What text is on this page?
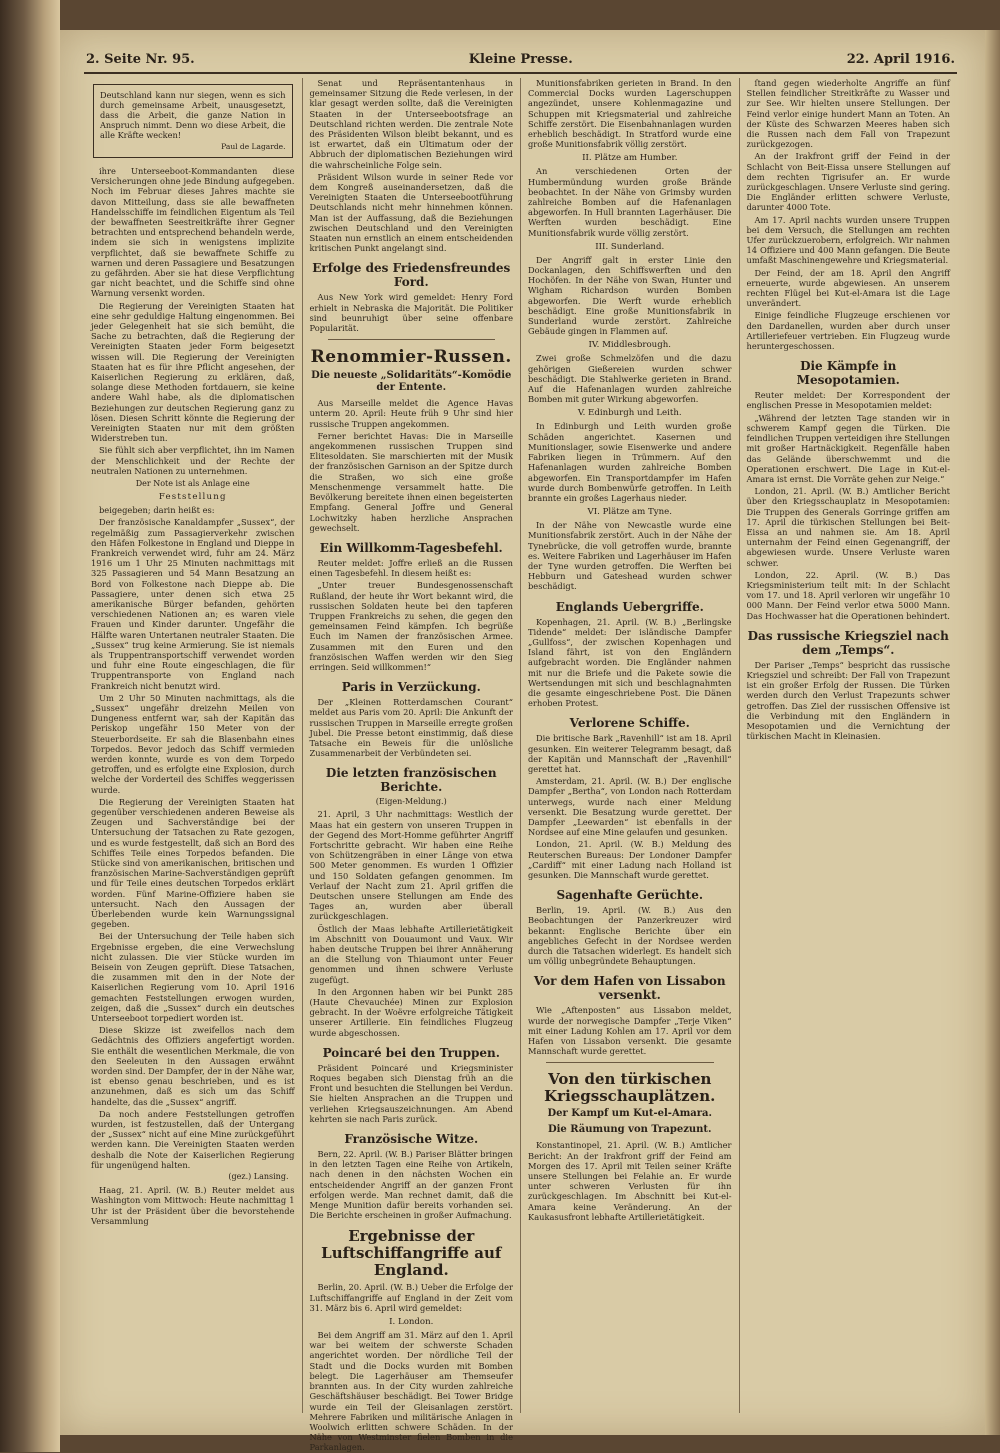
2. Seite Nr. 95.	Kleine Presse.	22. April 1916.
Deutschland kann nur siegen, wenn es sich durch gemeinsame Arbeit, unausgesetzt, dass die Arbeit, die ganze Nation in Anspruch nimmt. Denn wo diese Arbeit, die alle Kräfte wecken!
Paul de Lagarde.

ihre Unterseeboot-Kommandanten diese Versicherungen ohne jede Bindung aufgegeben. Noch im Februar dieses Jahres machte sie davon Mitteilung, dass sie alle bewaffneten Handelsschiffe im feindlichen Eigentum als Teil der bewaffneten Seestreitkräfte ihrer Gegner betrachten und entsprechend behandeln werde, indem sie sich in wenigstens implizite verpflichtet, daß sie bewaffnete Schiffe zu warnen und deren Passagiere und Besatzungen zu gefährden. Aber sie hat diese Verpflichtung gar nicht beachtet, und die Schiffe sind ohne Warnung versenkt worden.

Die Regierung der Vereinigten Staaten hat eine sehr geduldige Haltung eingenommen. Bei jeder Gelegenheit hat sie sich bemüht, die Sache zu betrachten, daß die Regierung der Vereinigten Staaten jeder Form beigesetzt wissen will. Die Regierung der Vereinigten Staaten hat es für ihre Pflicht angesehen, der Kaiserlichen Regierung zu erklären, daß, solange diese Methoden fortdauern, sie keine andere Wahl habe, als die diplomatischen Beziehungen zur deutschen Regierung ganz zu lösen. Diesen Schritt könnte die Regierung der Vereinigten Staaten nur mit dem größten Widerstreben tun.

Sie fühlt sich aber verpflichtet, ihn im Namen der Menschlichkeit und der Rechte der neutralen Nationen zu unternehmen.

Der Note ist als Anlage eine
Feststellung

beigegeben; darin heißt es:

Der französische Kanaldampfer „Sussex“, der regelmäßig zum Passagierverkehr zwischen den Häfen Folkestone in England und Dieppe in Frankreich verwendet wird, fuhr am 24. März 1916 um 1 Uhr 25 Minuten nachmittags mit 325 Passagieren und 54 Mann Besatzung an Bord von Folkestone nach Dieppe ab. Die Passagiere, unter denen sich etwa 25 amerikanische Bürger befanden, gehörten verschiedenen Nationen an; es waren viele Frauen und Kinder darunter. Ungefähr die Hälfte waren Untertanen neutraler Staaten. Die „Sussex“ trug keine Armierung. Sie ist niemals als Truppentransportschiff verwendet worden und fuhr eine Route eingeschlagen, die für Truppentransporte von England nach Frankreich nicht benutzt wird.

Um 2 Uhr 50 Minuten nachmittags, als die „Sussex“ ungefähr dreizehn Meilen von Dungeness entfernt war, sah der Kapitän das Periskop ungefähr 150 Meter von der Steuerbordseite. Er sah die Blasenbahn eines Torpedos. Bevor jedoch das Schiff vermieden werden konnte, wurde es von dem Torpedo getroffen, und es erfolgte eine Explosion, durch welche der Vorderteil des Schiffes weggerissen wurde.

Die Regierung der Vereinigten Staaten hat gegenüber verschiedenen anderen Beweise als Zeugen und Sachverständige bei der Untersuchung der Tatsachen zu Rate gezogen, und es wurde festgestellt, daß sich an Bord des Schiffes Teile eines Torpedos befanden. Die Stücke sind von amerikanischen, britischen und französischen Marine-Sachverständigen geprüft und für Teile eines deutschen Torpedos erklärt worden. Fünf Marine-Offiziere haben sie untersucht. Nach den Aussagen der Überlebenden wurde kein Warnungssignal gegeben.

Bei der Untersuchung der Teile haben sich Ergebnisse ergeben, die eine Verwechslung nicht zulassen. Die vier Stücke wurden im Beisein von Zeugen geprüft. Diese Tatsachen, die zusammen mit den in der Note der Kaiserlichen Regierung vom 10. April 1916 gemachten Feststellungen erwogen wurden, zeigen, daß die „Sussex“ durch ein deutsches Unterseeboot torpediert worden ist.

Diese Skizze ist zweifellos nach dem Gedächtnis des Offiziers angefertigt worden. Sie enthält die wesentlichen Merkmale, die von den Seeleuten in den Aussagen erwähnt worden sind. Der Dampfer, der in der Nähe war, ist ebenso genau beschrieben, und es ist anzunehmen, daß es sich um das Schiff handelte, das die „Sussex“ angriff.

Da noch andere Feststellungen getroffen wurden, ist festzustellen, daß der Untergang der „Sussex“ nicht auf eine Mine zurückgeführt werden kann. Die Vereinigten Staaten werden deshalb die Note der Kaiserlichen Regierung für ungenügend halten.

(gez.) Lansing.

Haag, 21. April. (W. B.) Reuter meldet aus Washington vom Mittwoch: Heute nachmittag 1 Uhr ist der Präsident über die bevorstehende Versammlung

Senat und Repräsentantenhaus in gemeinsamer Sitzung die Rede verlesen, in der klar gesagt werden sollte, daß die Vereinigten Staaten in der Unterseebootsfrage an Deutschland richten werden. Die zentrale Note des Präsidenten Wilson bleibt bekannt, und es ist erwartet, daß ein Ultimatum oder der Abbruch der diplomatischen Beziehungen wird die wahrscheinliche Folge sein.

Präsident Wilson wurde in seiner Rede vor dem Kongreß auseinandersetzen, daß die Vereinigten Staaten die Unterseebootführung Deutschlands nicht mehr hinnehmen können. Man ist der Auffassung, daß die Beziehungen zwischen Deutschland und den Vereinigten Staaten nun ernstlich an einem entscheidenden kritischen Punkt angelangt sind.

Erfolge des Friedensfreundes Ford.

Aus New York wird gemeldet: Henry Ford erhielt in Nebraska die Majorität. Die Politiker sind beunruhigt über seine offenbare Popularität.

Renommier-Russen.
Die neueste „Solidaritäts“-Komödie der Entente.

Aus Marseille meldet die Agence Havas unterm 20. April: Heute früh 9 Uhr sind hier russische Truppen angekommen.

Ferner berichtet Havas: Die in Marseille angekommenen russischen Truppen sind Elitesoldaten. Sie marschierten mit der Musik der französischen Garnison an der Spitze durch die Straßen, wo sich eine große Menschenmenge versammelt hatte. Die Bevölkerung bereitete ihnen einen begeisterten Empfang. General Joffre und General Lochwitzky haben herzliche Ansprachen gewechselt.

Ein Willkomm-Tagesbefehl.

Reuter meldet: Joffre erließ an die Russen einen Tagesbefehl. In diesem heißt es:

„Unter treuer Bundesgenossenschaft Rußland, der heute ihr Wort bekannt wird, die russischen Soldaten heute bei den tapferen Truppen Frankreichs zu sehen, die gegen den gemeinsamen Feind kämpfen. Ich begrüße Euch im Namen der französischen Armee. Zusammen mit den Euren und den französischen Waffen werden wir den Sieg erringen. Seid willkommen!“

Paris in Verzückung.

Der „Kleinen Rotterdamschen Courant“ meldet aus Paris vom 20. April: Die Ankunft der russischen Truppen in Marseille erregte großen Jubel. Die Presse betont einstimmig, daß diese Tatsache ein Beweis für die unlösliche Zusammenarbeit der Verbündeten sei.

Die letzten französischen Berichte.
(Eigen-Meldung.)

21. April, 3 Uhr nachmittags: Westlich der Maas hat ein gestern von unseren Truppen in der Gegend des Mort-Homme geführter Angriff Fortschritte gebracht. Wir haben eine Reihe von Schützengräben in einer Länge von etwa 500 Meter genommen. Es wurden 1 Offizier und 150 Soldaten gefangen genommen. Im Verlauf der Nacht zum 21. April griffen die Deutschen unsere Stellungen am Ende des Tages an, wurden aber überall zurückgeschlagen.

Östlich der Maas lebhafte Artillerietätigkeit im Abschnitt von Douaumont und Vaux. Wir haben deutsche Truppen bei ihrer Annäherung an die Stellung von Thiaumont unter Feuer genommen und ihnen schwere Verluste zugefügt.

In den Argonnen haben wir bei Punkt 285 (Haute Chevauchée) Minen zur Explosion gebracht. In der Woëvre erfolgreiche Tätigkeit unserer Artillerie. Ein feindliches Flugzeug wurde abgeschossen.

Poincaré bei den Truppen.

Präsident Poincaré und Kriegsminister Roques begaben sich Dienstag früh an die Front und besuchten die Stellungen bei Verdun. Sie hielten Ansprachen an die Truppen und verliehen Kriegsauszeichnungen. Am Abend kehrten sie nach Paris zurück.

Französische Witze.

Bern, 22. April. (W. B.) Pariser Blätter bringen in den letzten Tagen eine Reihe von Artikeln, nach denen in den nächsten Wochen ein entscheidender Angriff an der ganzen Front erfolgen werde. Man rechnet damit, daß die Menge Munition dafür bereits vorhanden sei. Die Berichte erscheinen in großer Aufmachung.

Ergebnisse der Luftschiffangriffe auf England.

Berlin, 20. April. (W. B.) Ueber die Erfolge der Luftschiffangriffe auf England in der Zeit vom 31. März bis 6. April wird gemeldet:

I. London.

Bei dem Angriff am 31. März auf den 1. April war bei weitem der schwerste Schaden angerichtet worden. Der nördliche Teil der Stadt und die Docks wurden mit Bomben belegt. Die Lagerhäuser am Themseufer brannten aus. In der City wurden zahlreiche Geschäftshäuser beschädigt. Bei Tower Bridge wurde ein Teil der Gleisanlagen zerstört. Mehrere Fabriken und militärische Anlagen in Woolwich erlitten schwere Schäden. In der Nähe von Westminster fielen Bomben in die Parkanlagen.

Munitionsfabriken gerieten in Brand. In den Commercial Docks wurden Lagerschuppen angezündet, unsere Kohlenmagazine und Schuppen mit Kriegsmaterial und zahlreiche Schiffe zerstört. Die Eisenbahnanlagen wurden erheblich beschädigt. In Stratford wurde eine große Munitionsfabrik völlig zerstört.

II. Plätze am Humber.

An verschiedenen Orten der Humbermündung wurden große Brände beobachtet. In der Nähe von Grimsby wurden zahlreiche Bomben auf die Hafenanlagen abgeworfen. In Hull brannten Lagerhäuser. Die Werften wurden beschädigt. Eine Munitionsfabrik wurde völlig zerstört.

III. Sunderland.

Der Angriff galt in erster Linie den Dockanlagen, den Schiffswerften und den Hochöfen. In der Nähe von Swan, Hunter und Wigham Richardson wurden Bomben abgeworfen. Die Werft wurde erheblich beschädigt. Eine große Munitionsfabrik in Sunderland wurde zerstört. Zahlreiche Gebäude gingen in Flammen auf.

IV. Middlesbrough.

Zwei große Schmelzöfen und die dazu gehörigen Gießereien wurden schwer beschädigt. Die Stahlwerke gerieten in Brand. Auf die Hafenanlagen wurden zahlreiche Bomben mit guter Wirkung abgeworfen.

V. Edinburgh und Leith.

In Edinburgh und Leith wurden große Schäden angerichtet. Kasernen und Munitionslager, sowie Eisenwerke und andere Fabriken liegen in Trümmern. Auf den Hafenanlagen wurden zahlreiche Bomben abgeworfen. Ein Transportdampfer im Hafen wurde durch Bombenwürfe getroffen. In Leith brannte ein großes Lagerhaus nieder.

VI. Plätze am Tyne.

In der Nähe von Newcastle wurde eine Munitionsfabrik zerstört. Auch in der Nähe der Tynebrücke, die voll getroffen wurde, brannte es. Weitere Fabriken und Lagerhäuser im Hafen der Tyne wurden getroffen. Die Werften bei Hebburn und Gateshead wurden schwer beschädigt.

Englands Uebergriffe.

Kopenhagen, 21. April. (W. B.) „Berlingske Tidende“ meldet: Der isländische Dampfer „Gullfoss“, der zwischen Kopenhagen und Island fährt, ist von den Engländern aufgebracht worden. Die Engländer nahmen mit nur die Briefe und die Pakete sowie die Wertsendungen mit sich und beschlagnahmten die gesamte eingeschriebene Post. Die Dänen erhoben Protest.

Verlorene Schiffe.

Die britische Bark „Ravenhill“ ist am 18. April gesunken. Ein weiterer Telegramm besagt, daß der Kapitän und Mannschaft der „Ravenhill“ gerettet hat.

Amsterdam, 21. April. (W. B.) Der englische Dampfer „Bertha“, von London nach Rotterdam unterwegs, wurde nach einer Meldung versenkt. Die Besatzung wurde gerettet. Der Dampfer „Leewarden“ ist ebenfalls in der Nordsee auf eine Mine gelaufen und gesunken.

London, 21. April. (W. B.) Meldung des Reuterschen Bureaus: Der Londoner Dampfer „Cardiff“ mit einer Ladung nach Holland ist gesunken. Die Mannschaft wurde gerettet.

Sagenhafte Gerüchte.

Berlin, 19. April. (W. B.) Aus den Beobachtungen der Panzerkreuzer wird bekannt: Englische Berichte über ein angebliches Gefecht in der Nordsee werden durch die Tatsachen widerlegt. Es handelt sich um völlig unbegründete Behauptungen.

Vor dem Hafen von Lissabon versenkt.

Wie „Aftenposten“ aus Lissabon meldet, wurde der norwegische Dampfer „Terje Viken“ mit einer Ladung Kohlen am 17. April vor dem Hafen von Lissabon versenkt. Die gesamte Mannschaft wurde gerettet.

Von den türkischen Kriegsschauplätzen.
Der Kampf um Kut-el-Amara.
Die Räumung von Trapezunt.

Konstantinopel, 21. April. (W. B.) Amtlicher Bericht: An der Irakfront griff der Feind am Morgen des 17. April mit Teilen seiner Kräfte unsere Stellungen bei Felahie an. Er wurde unter schweren Verlusten für ihn zurückgeschlagen. Im Abschnitt bei Kut-el-Amara keine Veränderung. An der Kaukasusfront lebhafte Artillerietätigkeit.

ſtand gegen wiederholte Angriffe an fünf Stellen feindlicher Streitkräfte zu Wasser und zur See. Wir hielten unsere Stellungen. Der Feind verlor einige hundert Mann an Toten. An der Küste des Schwarzen Meeres haben sich die Russen nach dem Fall von Trapezunt zurückgezogen.

An der Irakfront griff der Feind in der Schlacht von Beit-Eissa unsere Stellungen auf dem rechten Tigrisufer an. Er wurde zurückgeschlagen. Unsere Verluste sind gering. Die Engländer erlitten schwere Verluste, darunter 4000 Tote.

Am 17. April nachts wurden unsere Truppen bei dem Versuch, die Stellungen am rechten Ufer zurückzuerobern, erfolgreich. Wir nahmen 14 Offiziere und 400 Mann gefangen. Die Beute umfaßt Maschinengewehre und Kriegsmaterial.

Der Feind, der am 18. April den Angriff erneuerte, wurde abgewiesen. An unserem rechten Flügel bei Kut-el-Amara ist die Lage unverändert.

Einige feindliche Flugzeuge erschienen vor den Dardanellen, wurden aber durch unser Artilleriefeuer vertrieben. Ein Flugzeug wurde heruntergeschossen.

Die Kämpfe in Mesopotamien.

Reuter meldet: Der Korrespondent der englischen Presse in Mesopotamien meldet:

„Während der letzten Tage standen wir in schwerem Kampf gegen die Türken. Die feindlichen Truppen verteidigen ihre Stellungen mit großer Hartnäckigkeit. Regenfälle haben das Gelände überschwemmt und die Operationen erschwert. Die Lage in Kut-el-Amara ist ernst. Die Vorräte gehen zur Neige.“

London, 21. April. (W. B.) Amtlicher Bericht über den Kriegsschauplatz in Mesopotamien: Die Truppen des Generals Gorringe griffen am 17. April die türkischen Stellungen bei Beit-Eissa an und nahmen sie. Am 18. April unternahm der Feind einen Gegenangriff, der abgewiesen wurde. Unsere Verluste waren schwer.

London, 22. April. (W. B.) Das Kriegsministerium teilt mit: In der Schlacht vom 17. und 18. April verloren wir ungefähr 10 000 Mann. Der Feind verlor etwa 5000 Mann. Das Hochwasser hat die Operationen behindert.

Das russische Kriegsziel nach dem „Temps“.

Der Pariser „Temps“ bespricht das russische Kriegsziel und schreibt: Der Fall von Trapezunt ist ein großer Erfolg der Russen. Die Türken werden durch den Verlust Trapezunts schwer getroffen. Das Ziel der russischen Offensive ist die Verbindung mit den Engländern in Mesopotamien und die Vernichtung der türkischen Macht in Kleinasien.
